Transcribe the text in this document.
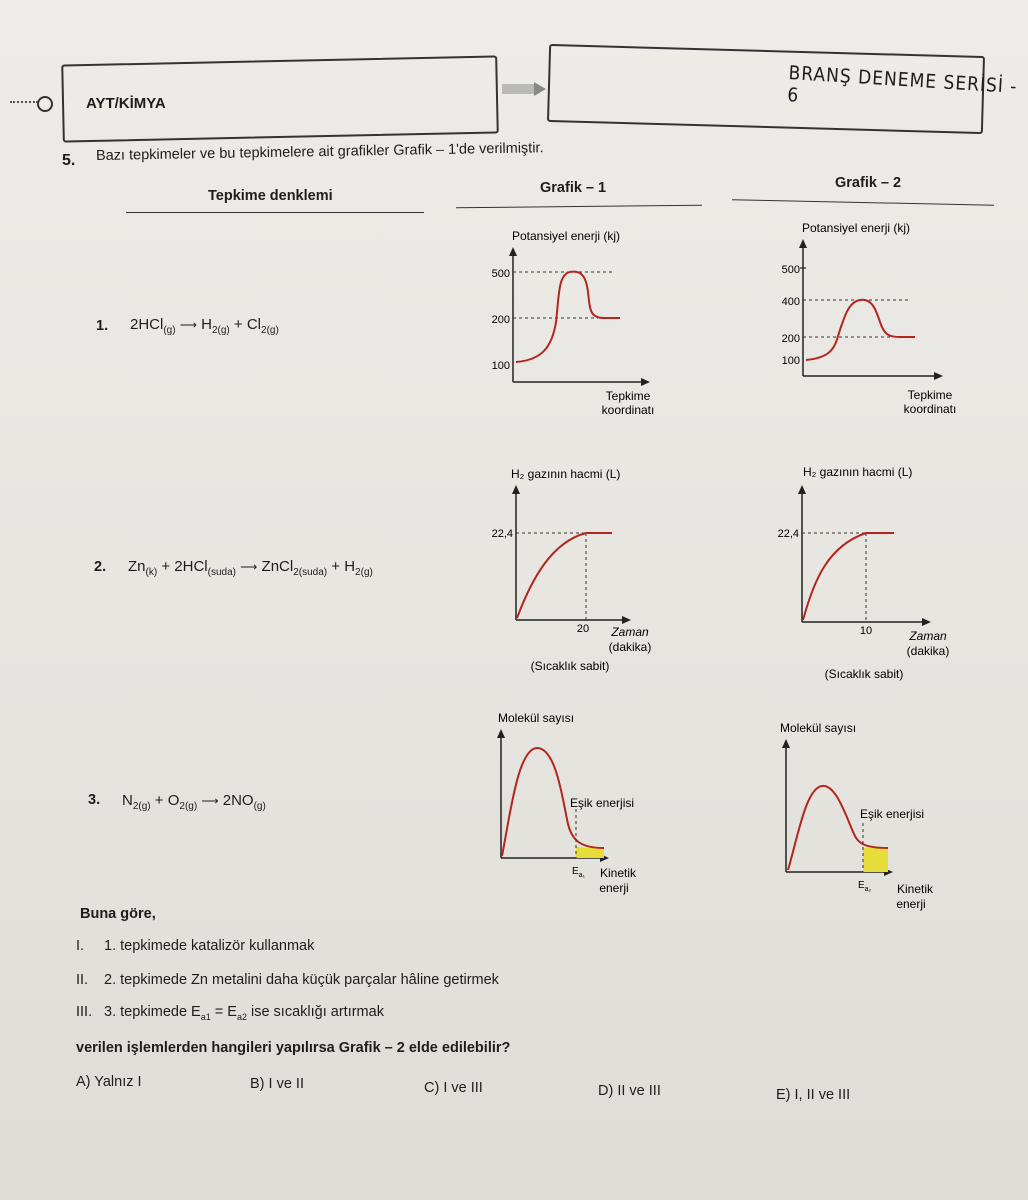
AYT/KİMYA
BRANŞ DENEME SERİSİ - 6
5. Bazı tepkimeler ve bu tepkimelere ait grafikler Grafik – 1'de verilmiştir.
Tepkime denklemi	Grafik – 1	Grafik – 2
1. 2HCl$_{(g)}$ ⟶ $H_{2(g)} + Cl_{2(g)}$
2. $Zn_{(k)} + 2HCl_{(suda)}$ ⟶ ZnCl$_{2(suda)}$ + $H_{2(g)}$
3. $N_{2(g)} + O_{2(g)}$ ⟶ $2NO_{(g)}$
Potansiyel enerji (kj)
500
200
100
Tepkime
koordinatı
Potansiyel enerji (kj)
500
400
200
100
Tepkime
koordinatı
H₂ gazının hacmi (L)
22,4
20 Zaman
(dakika)
(Sıcaklık sabit)
H₂ gazının hacmi (L)
22,4
10	Zaman
(dakika)
(Sıcaklık sabit)
Molekül sayısı
Eşik enerjisi
$E_{a_1}$ Kinetik
enerji
Molekül sayısı
Eşik enerjisi
$E_{a_2}$ Kinetik
enerji
Buna göre,
I. 1. tepkimede katalizör kullanmak
II. 2. tepkimede Zn metalini daha küçük parçalar hâline getirmek
III. 3. tepkimede $E_{a1} = E_{a2}$ ise sıcaklığı artırmak
verilen işlemlerden hangileri yapılırsa Grafik – 2 elde edilebilir?
A) Yalnız I	B) I ve II	C) I ve III	D) II ve III	E) I, II ve III
